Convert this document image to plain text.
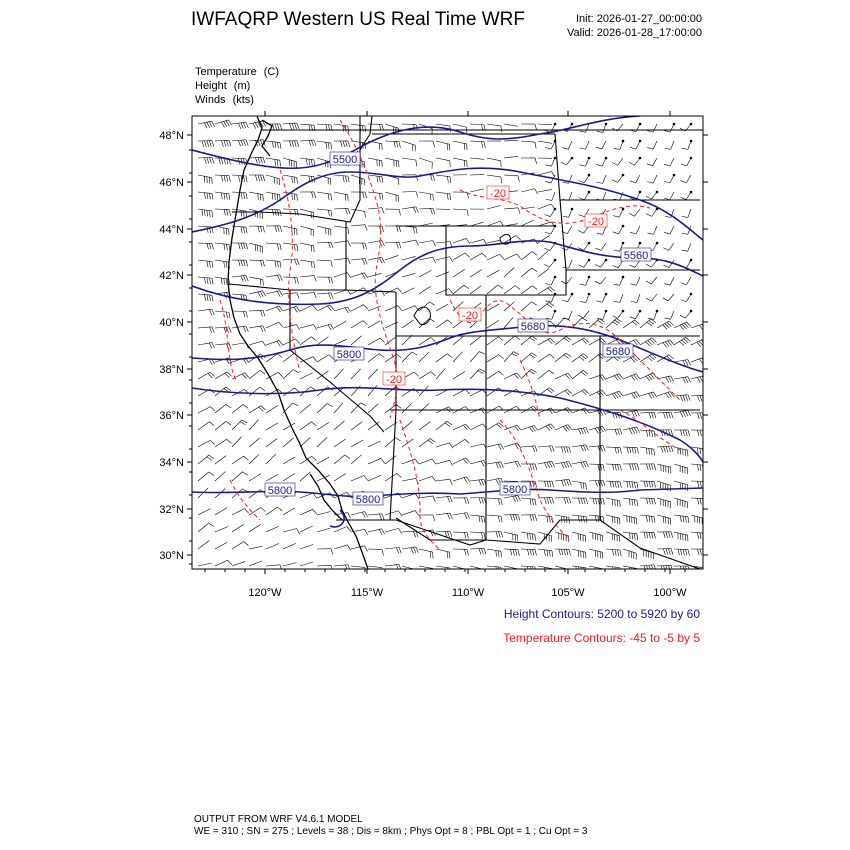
IWFAQRP Western US Real Time WRF	Init: 2026-01-27_00:00:00
Valid: 2026-01-28_17:00:00
Temperature (C)
Height (m)
Winds (kts)
5500
5560
5680
5680
5800
5800
5800
5800
-20
-20
-20
-20
30°N
32°N
34°N
36°N
38°N
40°N
42°N
44°N
46°N
48°N
120°W	115°W	110°W	105°W	100°W
Height Contours: 5200 to 5920 by 60
Temperature Contours: -45 to -5 by 5
OUTPUT FROM WRF V4.6.1 MODEL
WE = 310 ; SN = 275 ; Levels = 38 ; Dis = 8km ; Phys Opt = 8 ; PBL Opt = 1 ; Cu Opt = 3
